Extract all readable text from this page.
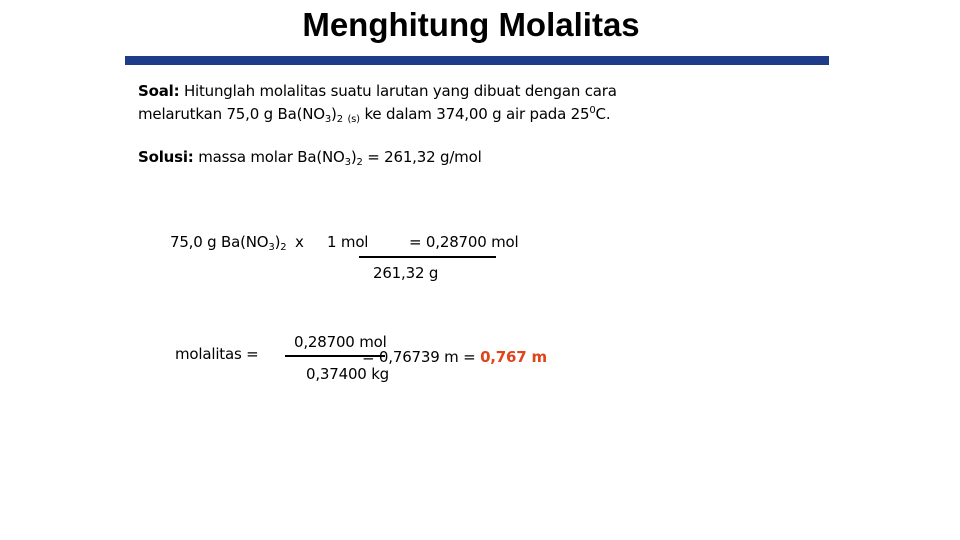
Menghitung Molalitas
Soal: Hitunglah molalitas suatu larutan yang dibuat dengan cara
melarutkan 75,0 g $Ba(NO_3)_2$ $_{(s)}$ ke dalam 374,00 g air pada $25^0C$.
Solusi: massa molar $Ba(NO_3)_2 = 261,32$ g/mol
75,0 g $Ba(NO_3)_2$ x 1 mol	= 0,28700 mol
261,32 g
molalitas =
0,28700 mol
= 0,76739 m = 0,767 m
0,37400 kg
